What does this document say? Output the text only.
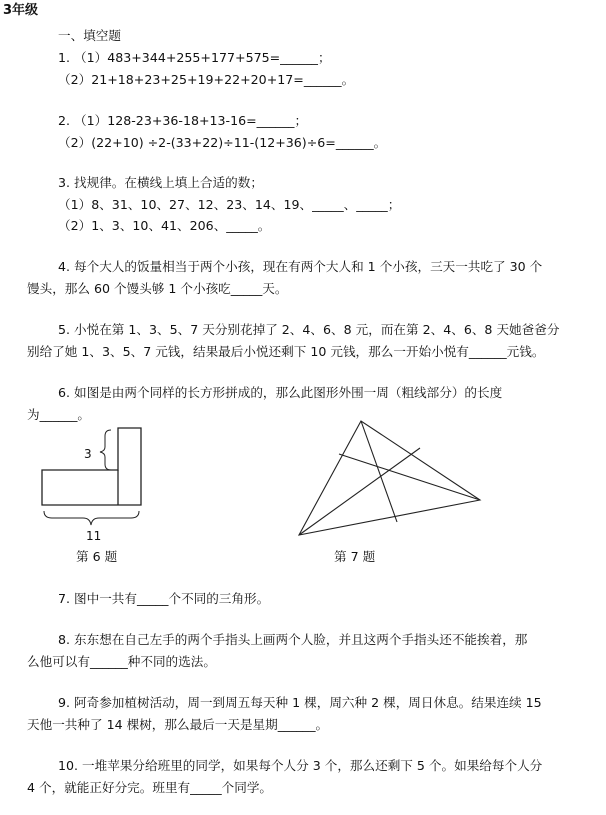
3年级
一、填空题
1. （1）483+344+255+177+575=______；
（2）21+18+23+25+19+22+20+17=______。
2. （1）128-23+36-18+13-16=______；
（2）(22+10) ÷2-(33+22)÷11-(12+36)÷6=______。
3. 找规律。在横线上填上合适的数；
（1）8、31、10、27、12、23、14、19、_____、_____；
（2）1、3、10、41、206、_____。
4. 每个大人的饭量相当于两个小孩，现在有两个大人和 1 个小孩，三天一共吃了 30 个
馒头，那么 60 个馒头够 1 个小孩吃_____天。
5. 小悦在第 1、3、5、7 天分别花掉了 2、4、6、8 元，而在第 2、4、6、8 天她爸爸分
别给了她 1、3、5、7 元钱，结果最后小悦还剩下 10 元钱，那么一开始小悦有______元钱。
6. 如图是由两个同样的长方形拼成的，那么此图形外围一周（粗线部分）的长度
为______。
3
11
第 6 题	第 7 题
7. 图中一共有_____个不同的三角形。
8. 东东想在自己左手的两个手指头上画两个人脸，并且这两个手指头还不能挨着，那
么他可以有______种不同的选法。
9. 阿奇参加植树活动，周一到周五每天种 1 棵，周六种 2 棵，周日休息。结果连续 15
天他一共种了 14 棵树，那么最后一天是星期______。
10. 一堆苹果分给班里的同学，如果每个人分 3 个，那么还剩下 5 个。如果给每个人分
4 个，就能正好分完。班里有_____个同学。
